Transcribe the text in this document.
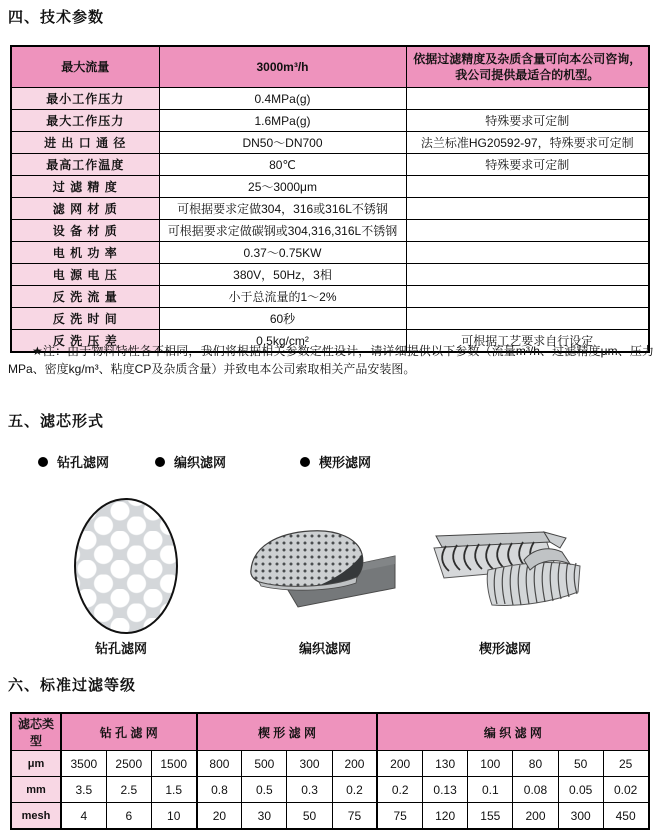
四、技术参数
最大流量	3000m³/h	依据过滤精度及杂质含量可向本公司咨询，我公司提供最适合的机型。
最小工作压力	0.4MPa(g)	
最大工作压力	1.6MPa(g)	特殊要求可定制
进 出 口 通 径	DN50～DN700	法兰标准HG20592-97，特殊要求可定制
最高工作温度	80℃	特殊要求可定制
过 滤 精 度	25～3000μm	
滤 网 材 质	可根据要求定做304，316或316L不锈钢	
设 备 材 质	可根据要求定做碳钢或304,316,316L不锈钢	
电 机 功 率	0.37～0.75KW	
电 源 电 压	380V，50Hz，3相	
反 洗 流 量	小于总流量的1～2%	
反 洗 时 间	60秒	
反 洗 压 差	0.5kg/cm²	可根据工艺要求自行设定

★注：由于物料特性各不相同，我们将根据相关参数定性设计，请详细提供以下参数（流量m³/h、过滤精度μm、压力MPa、密度kg/m³、粘度CP及杂质含量）并致电本公司索取相关产品安装图。

五、滤芯形式
钻孔滤网	编织滤网	楔形滤网
钻孔滤网	编织滤网	楔形滤网
六、标准过滤等级
滤芯类型	钻 孔 滤 网			楔 形 滤 网				编 织 滤 网					
μm	3500	2500	1500	800	500	300	200	200	130	100	80	50	25
mm	3.5	2.5	1.5	0.8	0.5	0.3	0.2	0.2	0.13	0.1	0.08	0.05	0.02
mesh	4	6	10	20	30	50	75	75	120	155	200	300	450
